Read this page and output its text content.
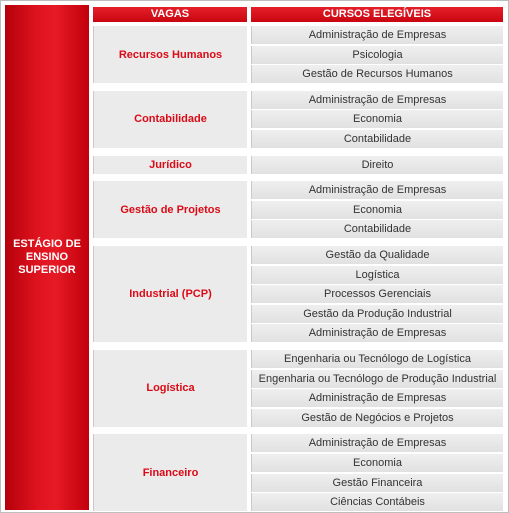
ESTÁGIO DE ENSINO SUPERIOR
VAGAS	CURSOS ELEGÍVEIS
Recursos Humanos
Administração de Empresas
Psicologia
Gestão de Recursos Humanos
Contabilidade
Administração de Empresas
Economia
Contabilidade
Jurídico	Direito
Gestão de Projetos
Administração de Empresas
Economia
Contabilidade
Industrial (PCP)
Gestão da Qualidade
Logística
Processos Gerenciais
Gestão da Produção Industrial
Administração de Empresas
Logística
Engenharia ou Tecnólogo de Logística
Engenharia ou Tecnólogo de Produção Industrial
Administração de Empresas
Gestão de Negócios e Projetos
Financeiro
Administração de Empresas
Economia
Gestão Financeira
Ciências Contábeis
